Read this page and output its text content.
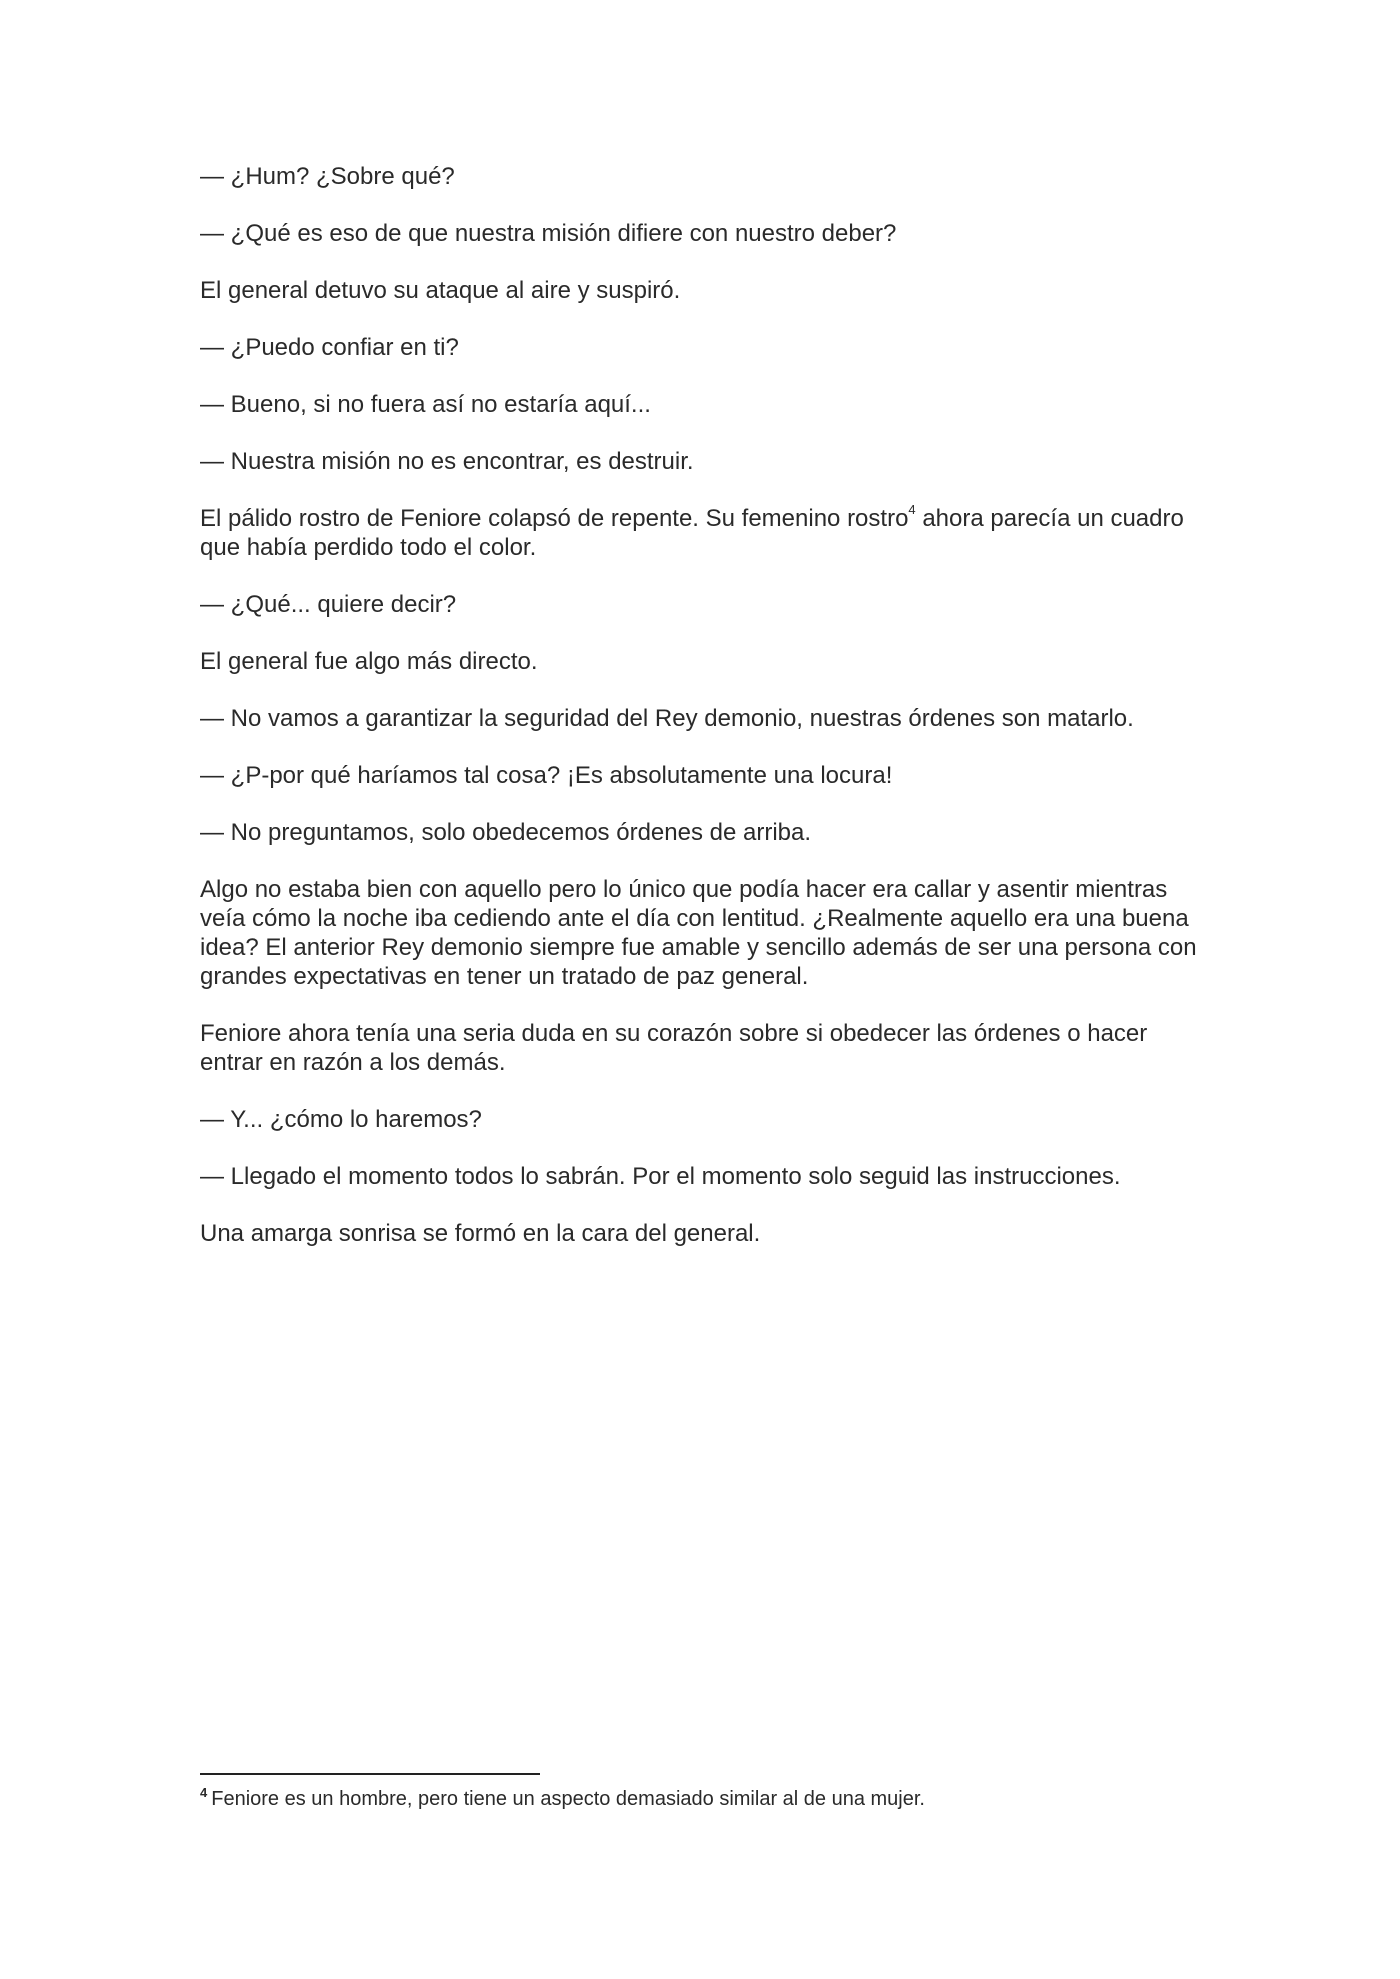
— ¿Hum? ¿Sobre qué?

— ¿Qué es eso de que nuestra misión difiere con nuestro deber?

El general detuvo su ataque al aire y suspiró.

— ¿Puedo confiar en ti?

— Bueno, si no fuera así no estaría aquí...

— Nuestra misión no es encontrar, es destruir.

El pálido rostro de Feniore colapsó de repente. Su femenino rostro$^4$ ahora parecía un cuadro que había perdido todo el color.

— ¿Qué... quiere decir?

El general fue algo más directo.

— No vamos a garantizar la seguridad del Rey demonio, nuestras órdenes son matarlo.

— ¿P-por qué haríamos tal cosa? ¡Es absolutamente una locura!

— No preguntamos, solo obedecemos órdenes de arriba.

Algo no estaba bien con aquello pero lo único que podía hacer era callar y asentir mientras veía cómo la noche iba cediendo ante el día con lentitud. ¿Realmente aquello era una buena idea? El anterior Rey demonio siempre fue amable y sencillo además de ser una persona con grandes expectativas en tener un tratado de paz general.

Feniore ahora tenía una seria duda en su corazón sobre si obedecer las órdenes o hacer entrar en razón a los demás.

— Y... ¿cómo lo haremos?

— Llegado el momento todos lo sabrán. Por el momento solo seguid las instrucciones.

Una amarga sonrisa se formó en la cara del general.

$^4$ Feniore es un hombre, pero tiene un aspecto demasiado similar al de una mujer.
